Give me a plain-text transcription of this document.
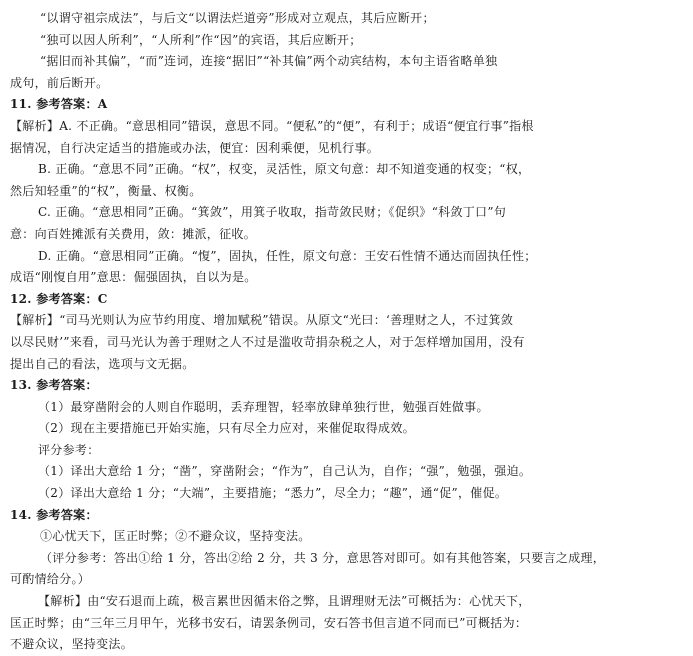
“以谓守祖宗成法”，与后文“以谓法烂道旁”形成对立观点，其后应断开；
“独可以因人所利”，“人所利”作“因”的宾语，其后应断开；
“据旧而补其偏”，“而”连词，连接“据旧”“补其偏”两个动宾结构，本句主语省略单独
成句，前后断开。
11. 参考答案：A
【解析】A. 不正确。“意思相同”错误，意思不同。“便私”的“便”，有利于；成语“便宜行事”指根
据情况，自行决定适当的措施或办法，便宜：因利乘便，见机行事。
B. 正确。“意思不同”正确。“权”，权变，灵活性，原文句意：却不知道变通的权变；“权，
然后知轻重”的“权”，衡量、权衡。
C. 正确。“意思相同”正确。“箕敛”，用箕子收取，指苛敛民财；《促织》“科敛丁口”句
意：向百姓摊派有关费用，敛：摊派，征收。
D. 正确。“意思相同”正确。“愎”，固执，任性，原文句意：王安石性情不通达而固执任性；
成语“刚愎自用”意思：倔强固执，自以为是。
12. 参考答案：C
【解析】“司马光则认为应节约用度、增加赋税”错误。从原文“光曰：‘善理财之人，不过箕敛
以尽民财’”来看，司马光认为善于理财之人不过是滥收苛捐杂税之人，对于怎样增加国用，没有
提出自己的看法，选项与文无据。
13. 参考答案：
（1）最穿凿附会的人则自作聪明，丢弃理智，轻率放肆单独行世，勉强百姓做事。
（2）现在主要措施已开始实施，只有尽全力应对，来催促取得成效。
评分参考：
（1）译出大意给 1 分；“凿”，穿凿附会；“作为”，自己认为，自作；“强”，勉强，强迫。
（2）译出大意给 1 分；“大端”，主要措施；“悉力”，尽全力；“趣”，通“促”，催促。
14. 参考答案：
①心忧天下，匡正时弊；②不避众议，坚持变法。
（评分参考：答出①给 1 分，答出②给 2 分，共 3 分，意思答对即可。如有其他答案，只要言之成理，
可酌情给分。）
【解析】由“安石退而上疏，极言累世因循末俗之弊，且谓理财无法”可概括为：心忧天下，
匡正时弊；由“三年三月甲午，光移书安石，请罢条例司，安石答书但言道不同而已”可概括为：
不避众议，坚持变法。
